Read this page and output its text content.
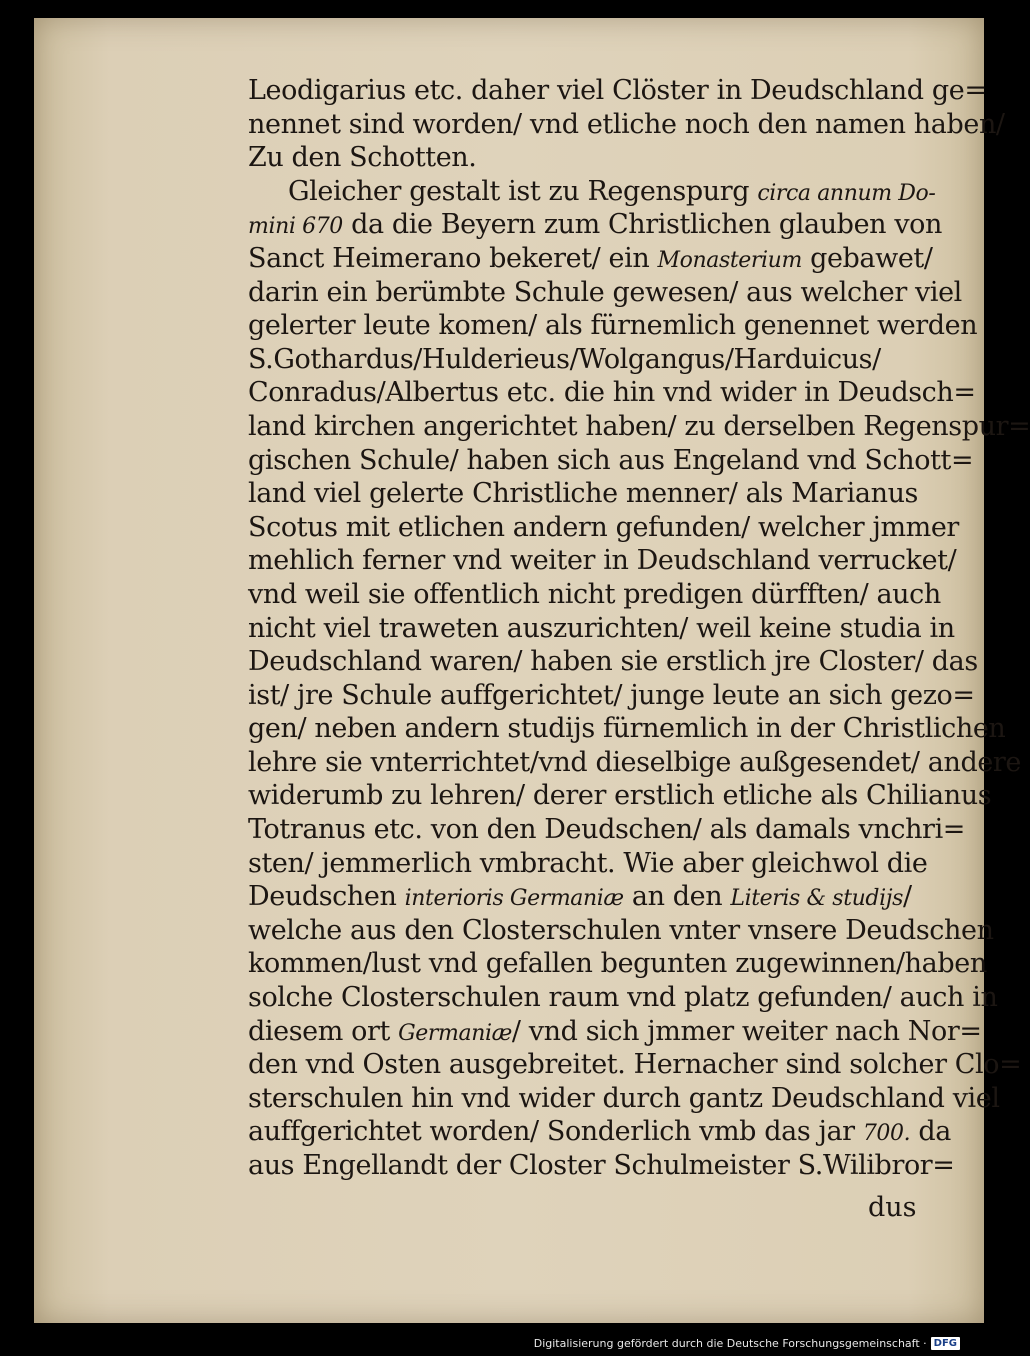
Leodigarius etc. daher viel Clöster in Deudschland ge=
nennet sind worden/ vnd etliche noch den namen haben/
Zu den Schotten.
Gleicher gestalt ist zu Regenspurg circa annum Do-
mini 670 da die Beyern zum Christlichen glauben von
Sanct Heimerano bekeret/ ein Monasterium gebawet/
darin ein berümbte Schule gewesen/ aus welcher viel
gelerter leute komen/ als fürnemlich genennet werden
S.Gothardus/Hulderieus/Wolgangus/Harduicus/
Conradus/Albertus etc. die hin vnd wider in Deudsch=
land kirchen angerichtet haben/ zu derselben Regenspur=
gischen Schule/ haben sich aus Engeland vnd Schott=
land viel gelerte Christliche menner/ als Marianus
Scotus mit etlichen andern gefunden/ welcher jmmer
mehlich ferner vnd weiter in Deudschland verrucket/
vnd weil sie offentlich nicht predigen dürfften/ auch
nicht viel traweten auszurichten/ weil keine studia in
Deudschland waren/ haben sie erstlich jre Closter/ das
ist/ jre Schule auffgerichtet/ junge leute an sich gezo=
gen/ neben andern studijs fürnemlich in der Christlichen
lehre sie vnterrichtet/vnd dieselbige außgesendet/ andere
widerumb zu lehren/ derer erstlich etliche als Chilianus
Totranus etc. von den Deudschen/ als damals vnchri=
sten/ jemmerlich vmbracht. Wie aber gleichwol die
Deudschen interioris Germaniæ an den Literis & studijs/
welche aus den Closterschulen vnter vnsere Deudschen
kommen/lust vnd gefallen begunten zugewinnen/haben
solche Closterschulen raum vnd platz gefunden/ auch in
diesem ort Germaniæ/ vnd sich jmmer weiter nach Nor=
den vnd Osten ausgebreitet. Hernacher sind solcher Clo=
sterschulen hin vnd wider durch gantz Deudschland viel
auffgerichtet worden/ Sonderlich vmb das jar 700. da
aus Engellandt der Closter Schulmeister S.Wilibror=
dus
Digitalisierung gefördert durch die Deutsche Forschungsgemeinschaft · DFG
